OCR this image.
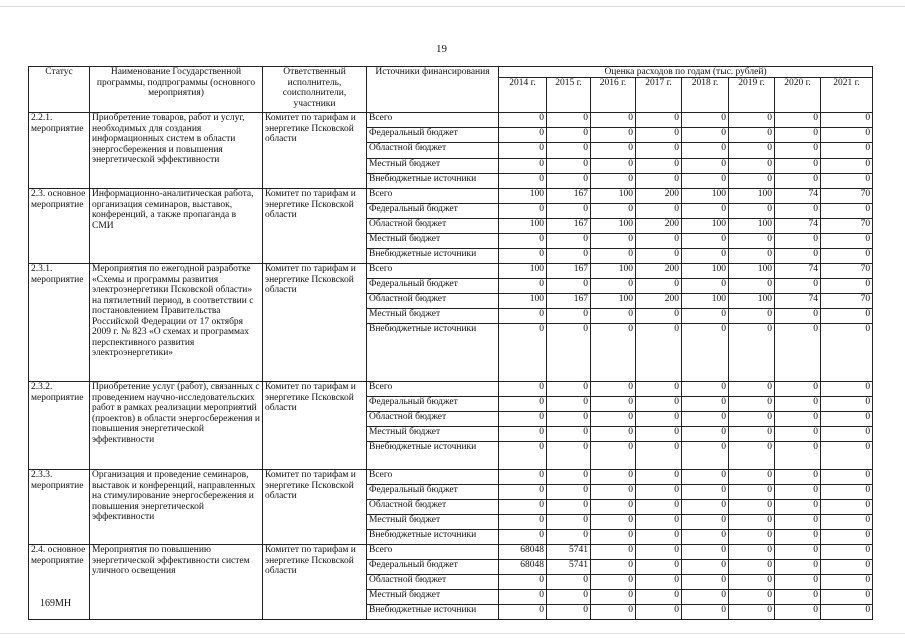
19
Статус	Наименование Государственной программы, подпрограммы (основного мероприятия)	Ответственный исполнитель, соисполнители, участники	Источники финансирования	Оценка расходов по годам (тыс. рублей)							
				2014 г.	2015 г.	2016 г.	2017 г.	2018 г.	2019 г.	2020 г.	2021 г.
2.2.1. мероприятие	Приобретение товаров, работ и услуг, необходимых для создания информационных систем в области энергосбережения и повышения энергетической эффективности	Комитет по тарифам и энергетике Псковской области	Всего	0	0	0	0	0	0	0	0
			Федеральный бюджет	0	0	0	0	0	0	0	0
			Областной бюджет	0	0	0	0	0	0	0	0
			Местный бюджет	0	0	0	0	0	0	0	0
			Внебюджетные источники	0	0	0	0	0	0	0	0
2.3. основное мероприятие	Информационно-аналитическая работа, организация семинаров, выставок, конференций, а также пропаганда в СМИ	Комитет по тарифам и энергетике Псковской области	Всего	100	167	100	200	100	100	74	70
			Федеральный бюджет	0	0	0	0	0	0	0	0
			Областной бюджет	100	167	100	200	100	100	74	70
			Местный бюджет	0	0	0	0	0	0	0	0
			Внебюджетные источники	0	0	0	0	0	0	0	0
2.3.1. мероприятие	Мероприятия по ежегодной разработке «Схемы и программы развития электроэнергетики Псковской области» на пятилетний период, в соответствии с постановлением Правительства Российской Федерации от 17 октября 2009 г. № 823 «О схемах и программах перспективного развития электроэнергетики»	Комитет по тарифам и энергетике Псковской области	Всего	100	167	100	200	100	100	74	70
			Федеральный бюджет	0	0	0	0	0	0	0	0
			Областной бюджет	100	167	100	200	100	100	74	70
			Местный бюджет	0	0	0	0	0	0	0	0
			Внебюджетные источники	0	0	0	0	0	0	0	0
2.3.2. мероприятие	Приобретение услуг (работ), связанных с проведением научно-исследовательских работ в рамках реализации мероприятий (проектов) в области энергосбережения и повышения энергетической эффективности	Комитет по тарифам и энергетике Псковской области	Всего	0	0	0	0	0	0	0	0
			Федеральный бюджет	0	0	0	0	0	0	0	0
			Областной бюджет	0	0	0	0	0	0	0	0
			Местный бюджет	0	0	0	0	0	0	0	0
			Внебюджетные источники	0	0	0	0	0	0	0	0
2.3.3. мероприятие	Организация и проведение семинаров, выставок и конференций, направленных на стимулирование энергосбережения и повышения энергетической эффективности	Комитет по тарифам и энергетике Псковской области	Всего	0	0	0	0	0	0	0	0
			Федеральный бюджет	0	0	0	0	0	0	0	0
			Областной бюджет	0	0	0	0	0	0	0	0
			Местный бюджет	0	0	0	0	0	0	0	0
			Внебюджетные источники	0	0	0	0	0	0	0	0
2.4. основное мероприятие	Мероприятия по повышению энергетической эффективности систем уличного освещения	Комитет по тарифам и энергетике Псковской области	Всего	68048	5741	0	0	0	0	0	0
			Федеральный бюджет	68048	5741	0	0	0	0	0	0
			Областной бюджет	0	0	0	0	0	0	0	0
			Местный бюджет	0	0	0	0	0	0	0	0
			Внебюджетные источники	0	0	0	0	0	0	0	0
169МН
